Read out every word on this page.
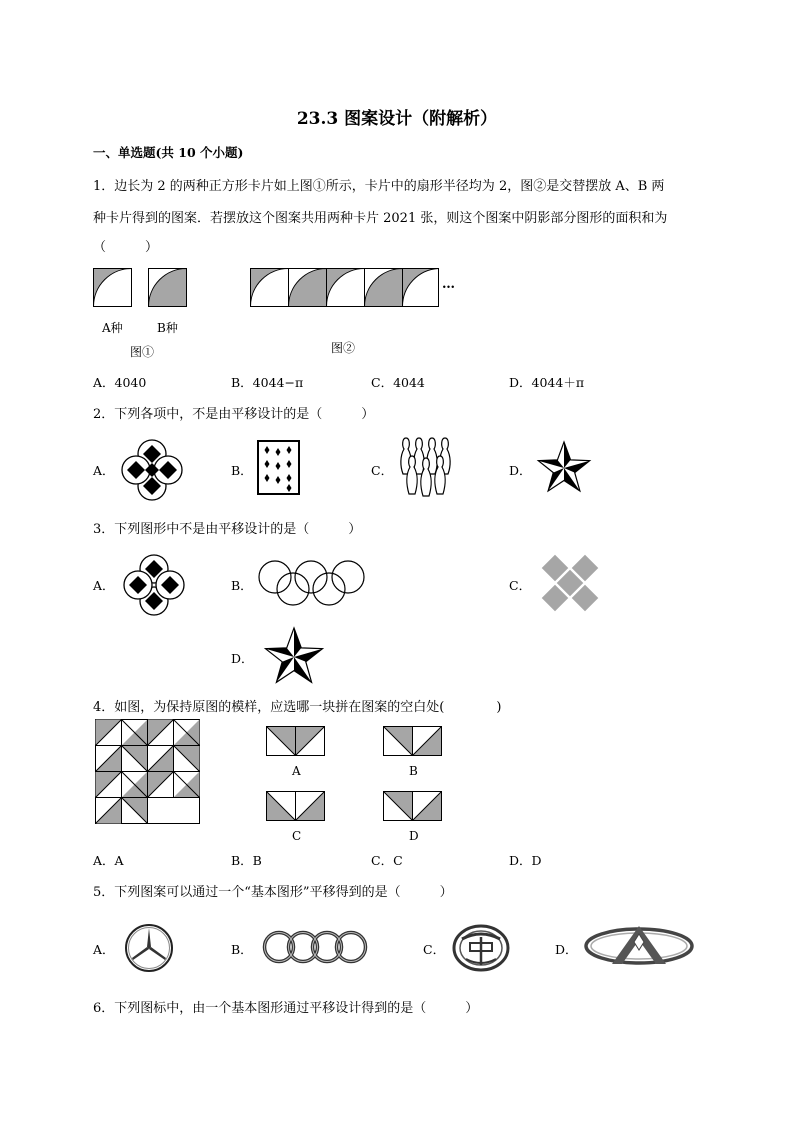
23.3 图案设计（附解析）
一、单选题(共 10 个小题)
1．边长为 2 的两种正方形卡片如上图①所示，卡片中的扇形半径均为 2，图②是交替摆放 A、B 两
种卡片得到的图案．若摆放这个图案共用两种卡片 2021 张，则这个图案中阴影部分图形的面积和为
（　　　）
A种	B种
图①
…
图②
A．4040	B．4044−π	C．4044	D．4044＋π
2．下列各项中，不是由平移设计的是（　　　）
A．	B．	C．	D．
3．下列图形中不是由平移设计的是（　　　）
A．	B．	C．
D．
4．如图，为保持原图的模样，应选哪一块拼在图案的空白处(　　　　)
A	B
C	D
A．A	B．B	C．C	D．D
5．下列图案可以通过一个“基本图形”平移得到的是（　　　）
A．	B．	C．	D．
6．下列图标中，由一个基本图形通过平移设计得到的是（　　　）
